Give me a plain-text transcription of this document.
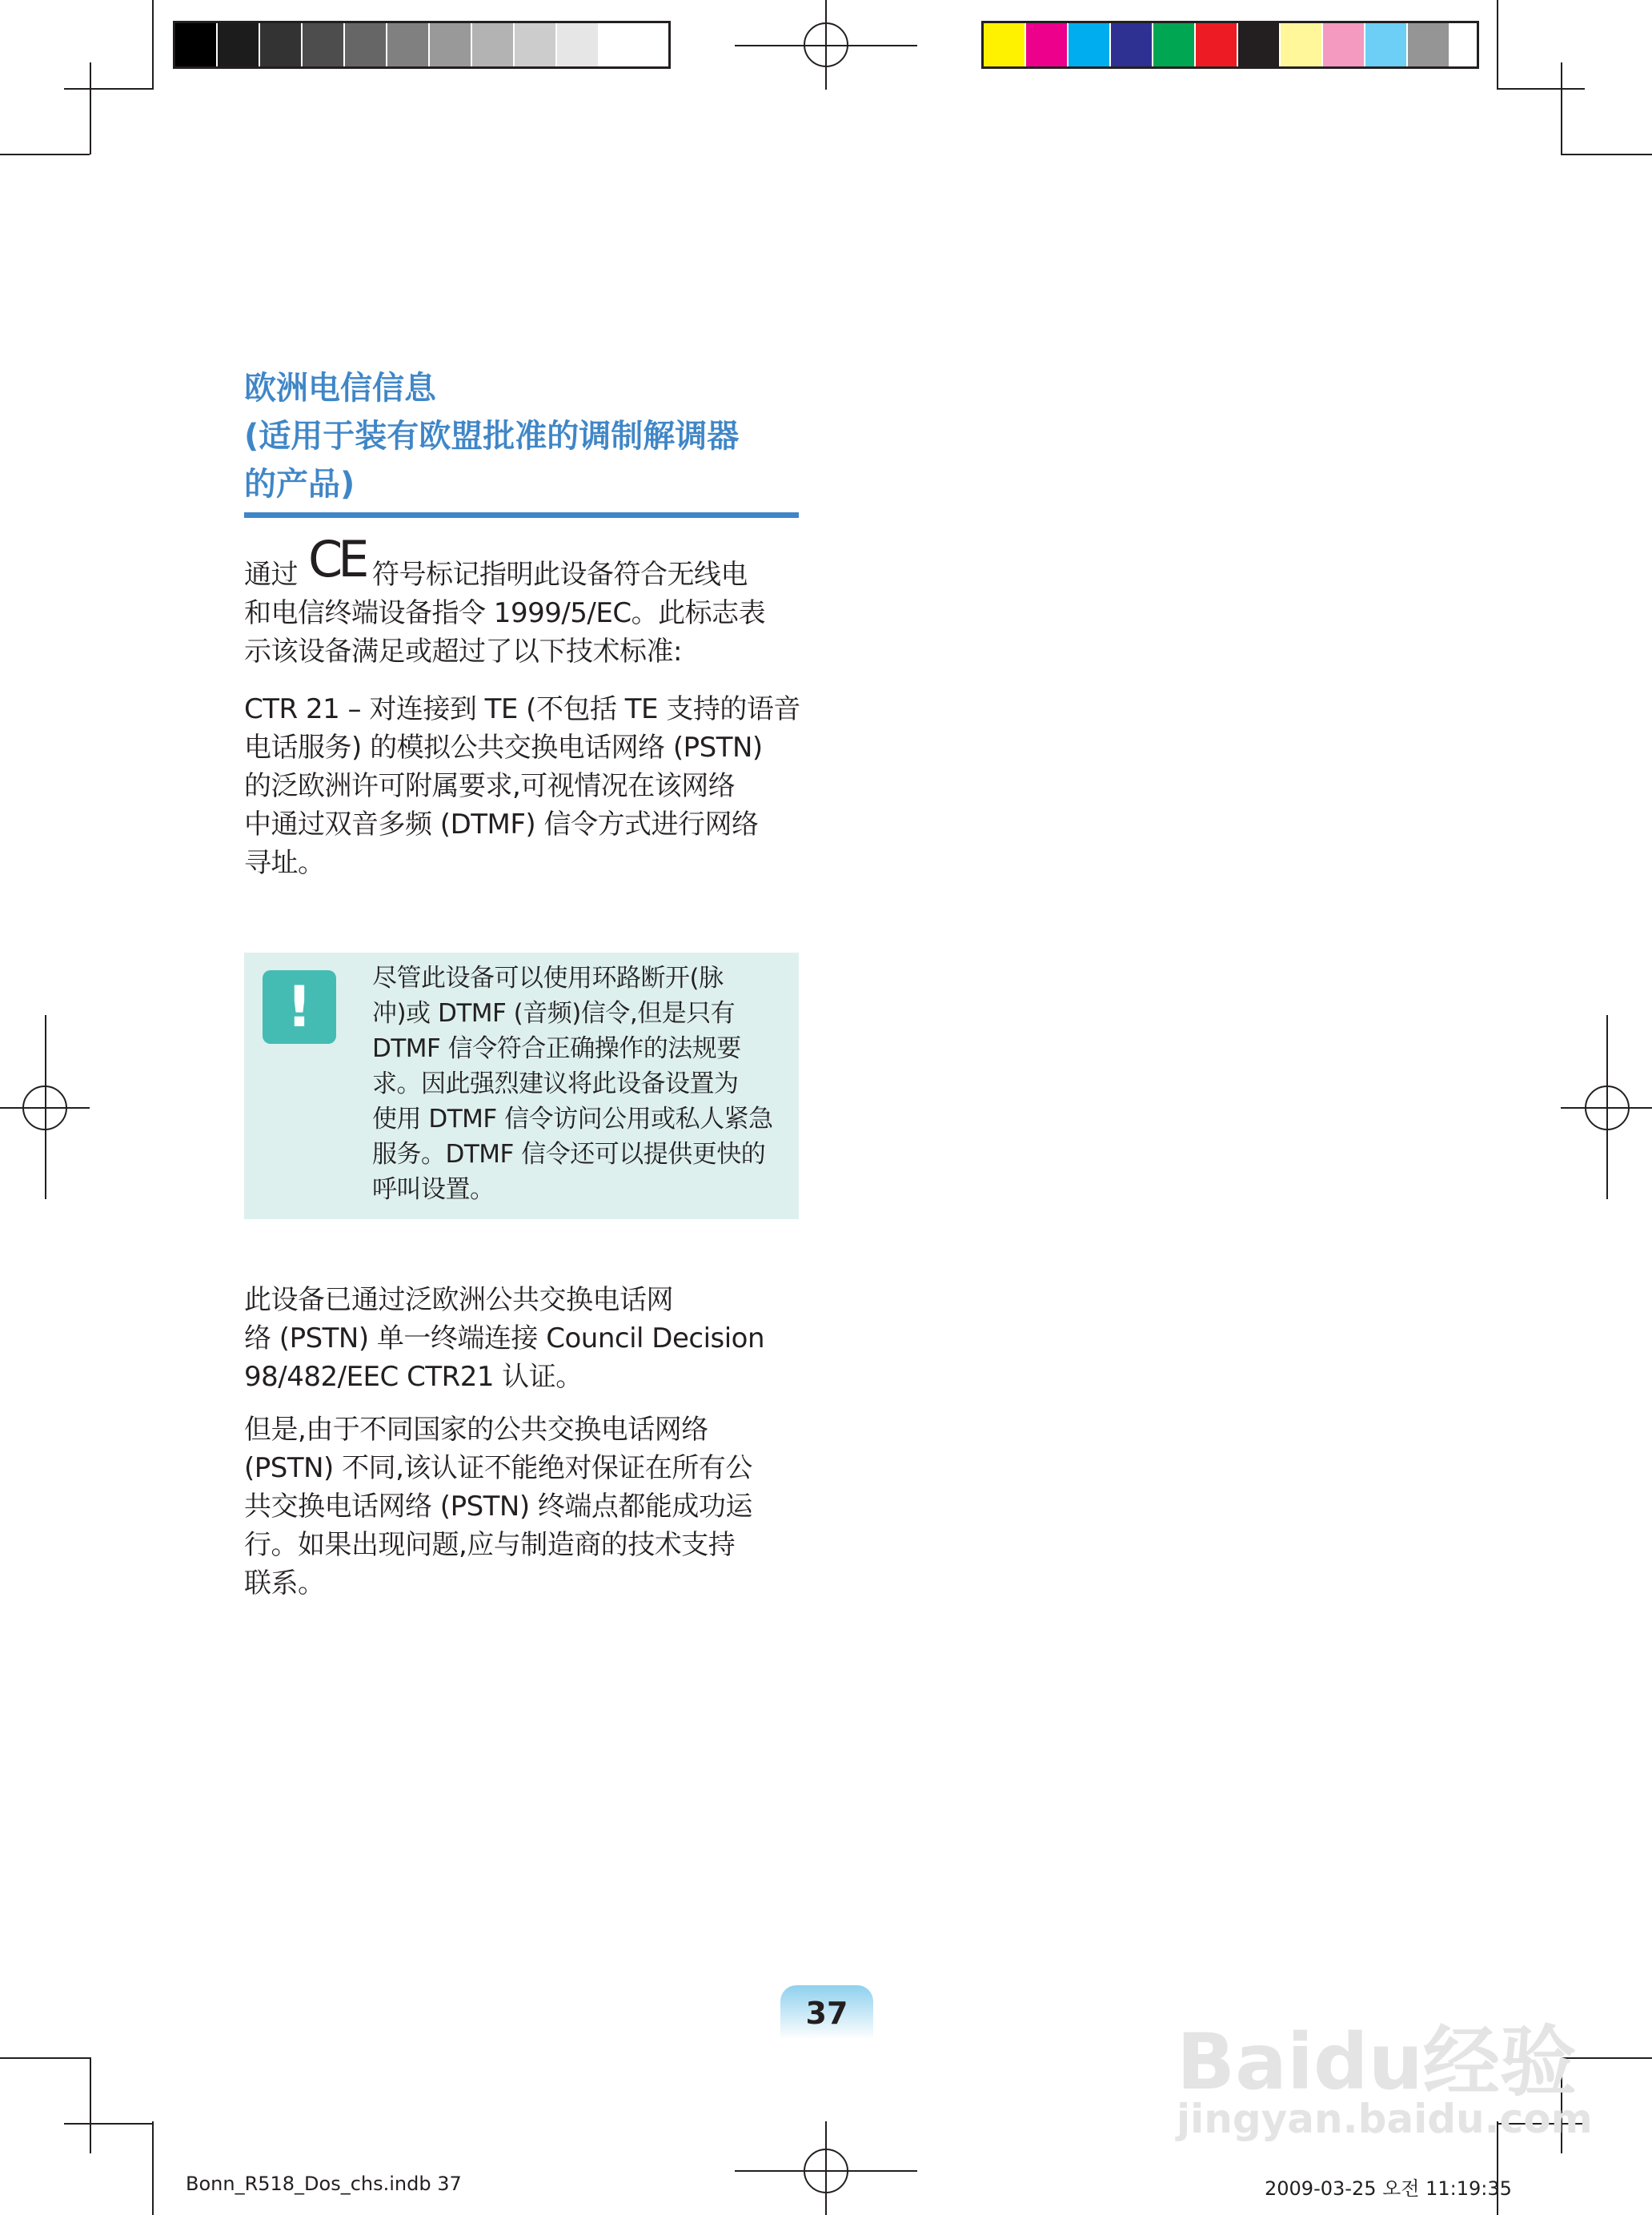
欧洲电信信息
(适用于装有欧盟批准的调制解调器
的产品)
通过	符号标记指明此设备符合无线电
和电信终端设备指令 1999/5/EC。此标志表
示该设备满足或超过了以下技术标准:
CE
CTR 21 – 对连接到 TE (不包括 TE 支持的语音
电话服务) 的模拟公共交换电话网络 (PSTN)
的泛欧洲许可附属要求,可视情况在该网络
中通过双音多频 (DTMF) 信令方式进行网络
寻址。
!	尽管此设备可以使用环路断开(脉
冲)或 DTMF (音频)信令,但是只有
DTMF 信令符合正确操作的法规要
求。因此强烈建议将此设备设置为
使用 DTMF 信令访问公用或私人紧急
服务。DTMF 信令还可以提供更快的
呼叫设置。
此设备已通过泛欧洲公共交换电话网
络 (PSTN) 单一终端连接 Council Decision
98/482/EEC CTR21 认证。
但是,由于不同国家的公共交换电话网络
(PSTN) 不同,该认证不能绝对保证在所有公
共交换电话网络 (PSTN) 终端点都能成功运
行。如果出现问题,应与制造商的技术支持
联系。
37
Baidu经验
jingyan.baidu.com
Bonn_R518_Dos_chs.indb 37	2009-03-25 오전 11:19:35
